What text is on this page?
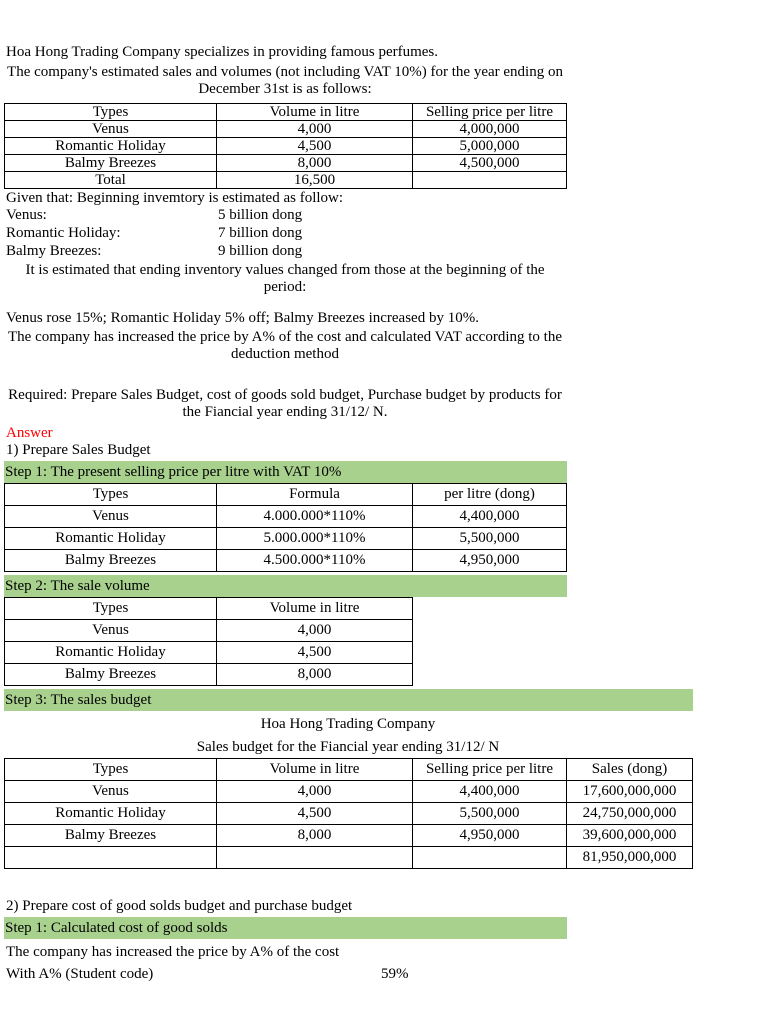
Hoa Hong Trading Company specializes in providing famous perfumes.
The company's estimated sales and volumes (not including VAT 10%) for the year ending on December 31st is as follows:
Types	Volume in litre	Selling price per litre
Venus	4,000	4,000,000
Romantic Holiday	4,500	5,000,000
Balmy Breezes	8,000	4,500,000
Total	16,500	
Given that: Beginning invemtory is estimated as follow:
Venus:	5 billion dong
Romantic Holiday:	7 billion dong
Balmy Breezes:	9 billion dong
It is estimated that ending inventory values changed from those at the beginning of the period:
Venus rose 15%; Romantic Holiday 5% off; Balmy Breezes increased by 10%.
The company has increased the price by A% of the cost and calculated VAT according to the deduction method
Required: Prepare Sales Budget, cost of goods sold budget, Purchase budget by products for the Fiancial year ending 31/12/ N.
Answer
1) Prepare Sales Budget
Step 1: The present selling price per litre with VAT 10%
Types	Formula	per litre (dong)
Venus	4.000.000*110%	4,400,000
Romantic Holiday	5.000.000*110%	5,500,000
Balmy Breezes	4.500.000*110%	4,950,000
Step 2: The sale volume
Types	Volume in litre
Venus	4,000
Romantic Holiday	4,500
Balmy Breezes	8,000
Step 3: The sales budget
Hoa Hong Trading Company
Sales budget for the Fiancial year ending 31/12/ N
Types	Volume in litre	Selling price per litre	Sales (dong)
Venus	4,000	4,400,000	17,600,000,000
Romantic Holiday	4,500	5,500,000	24,750,000,000
Balmy Breezes	8,000	4,950,000	39,600,000,000
			81,950,000,000
2) Prepare cost of good solds budget and purchase budget
Step 1: Calculated cost of good solds
The company has increased the price by A% of the cost
With A% (Student code)	59%
